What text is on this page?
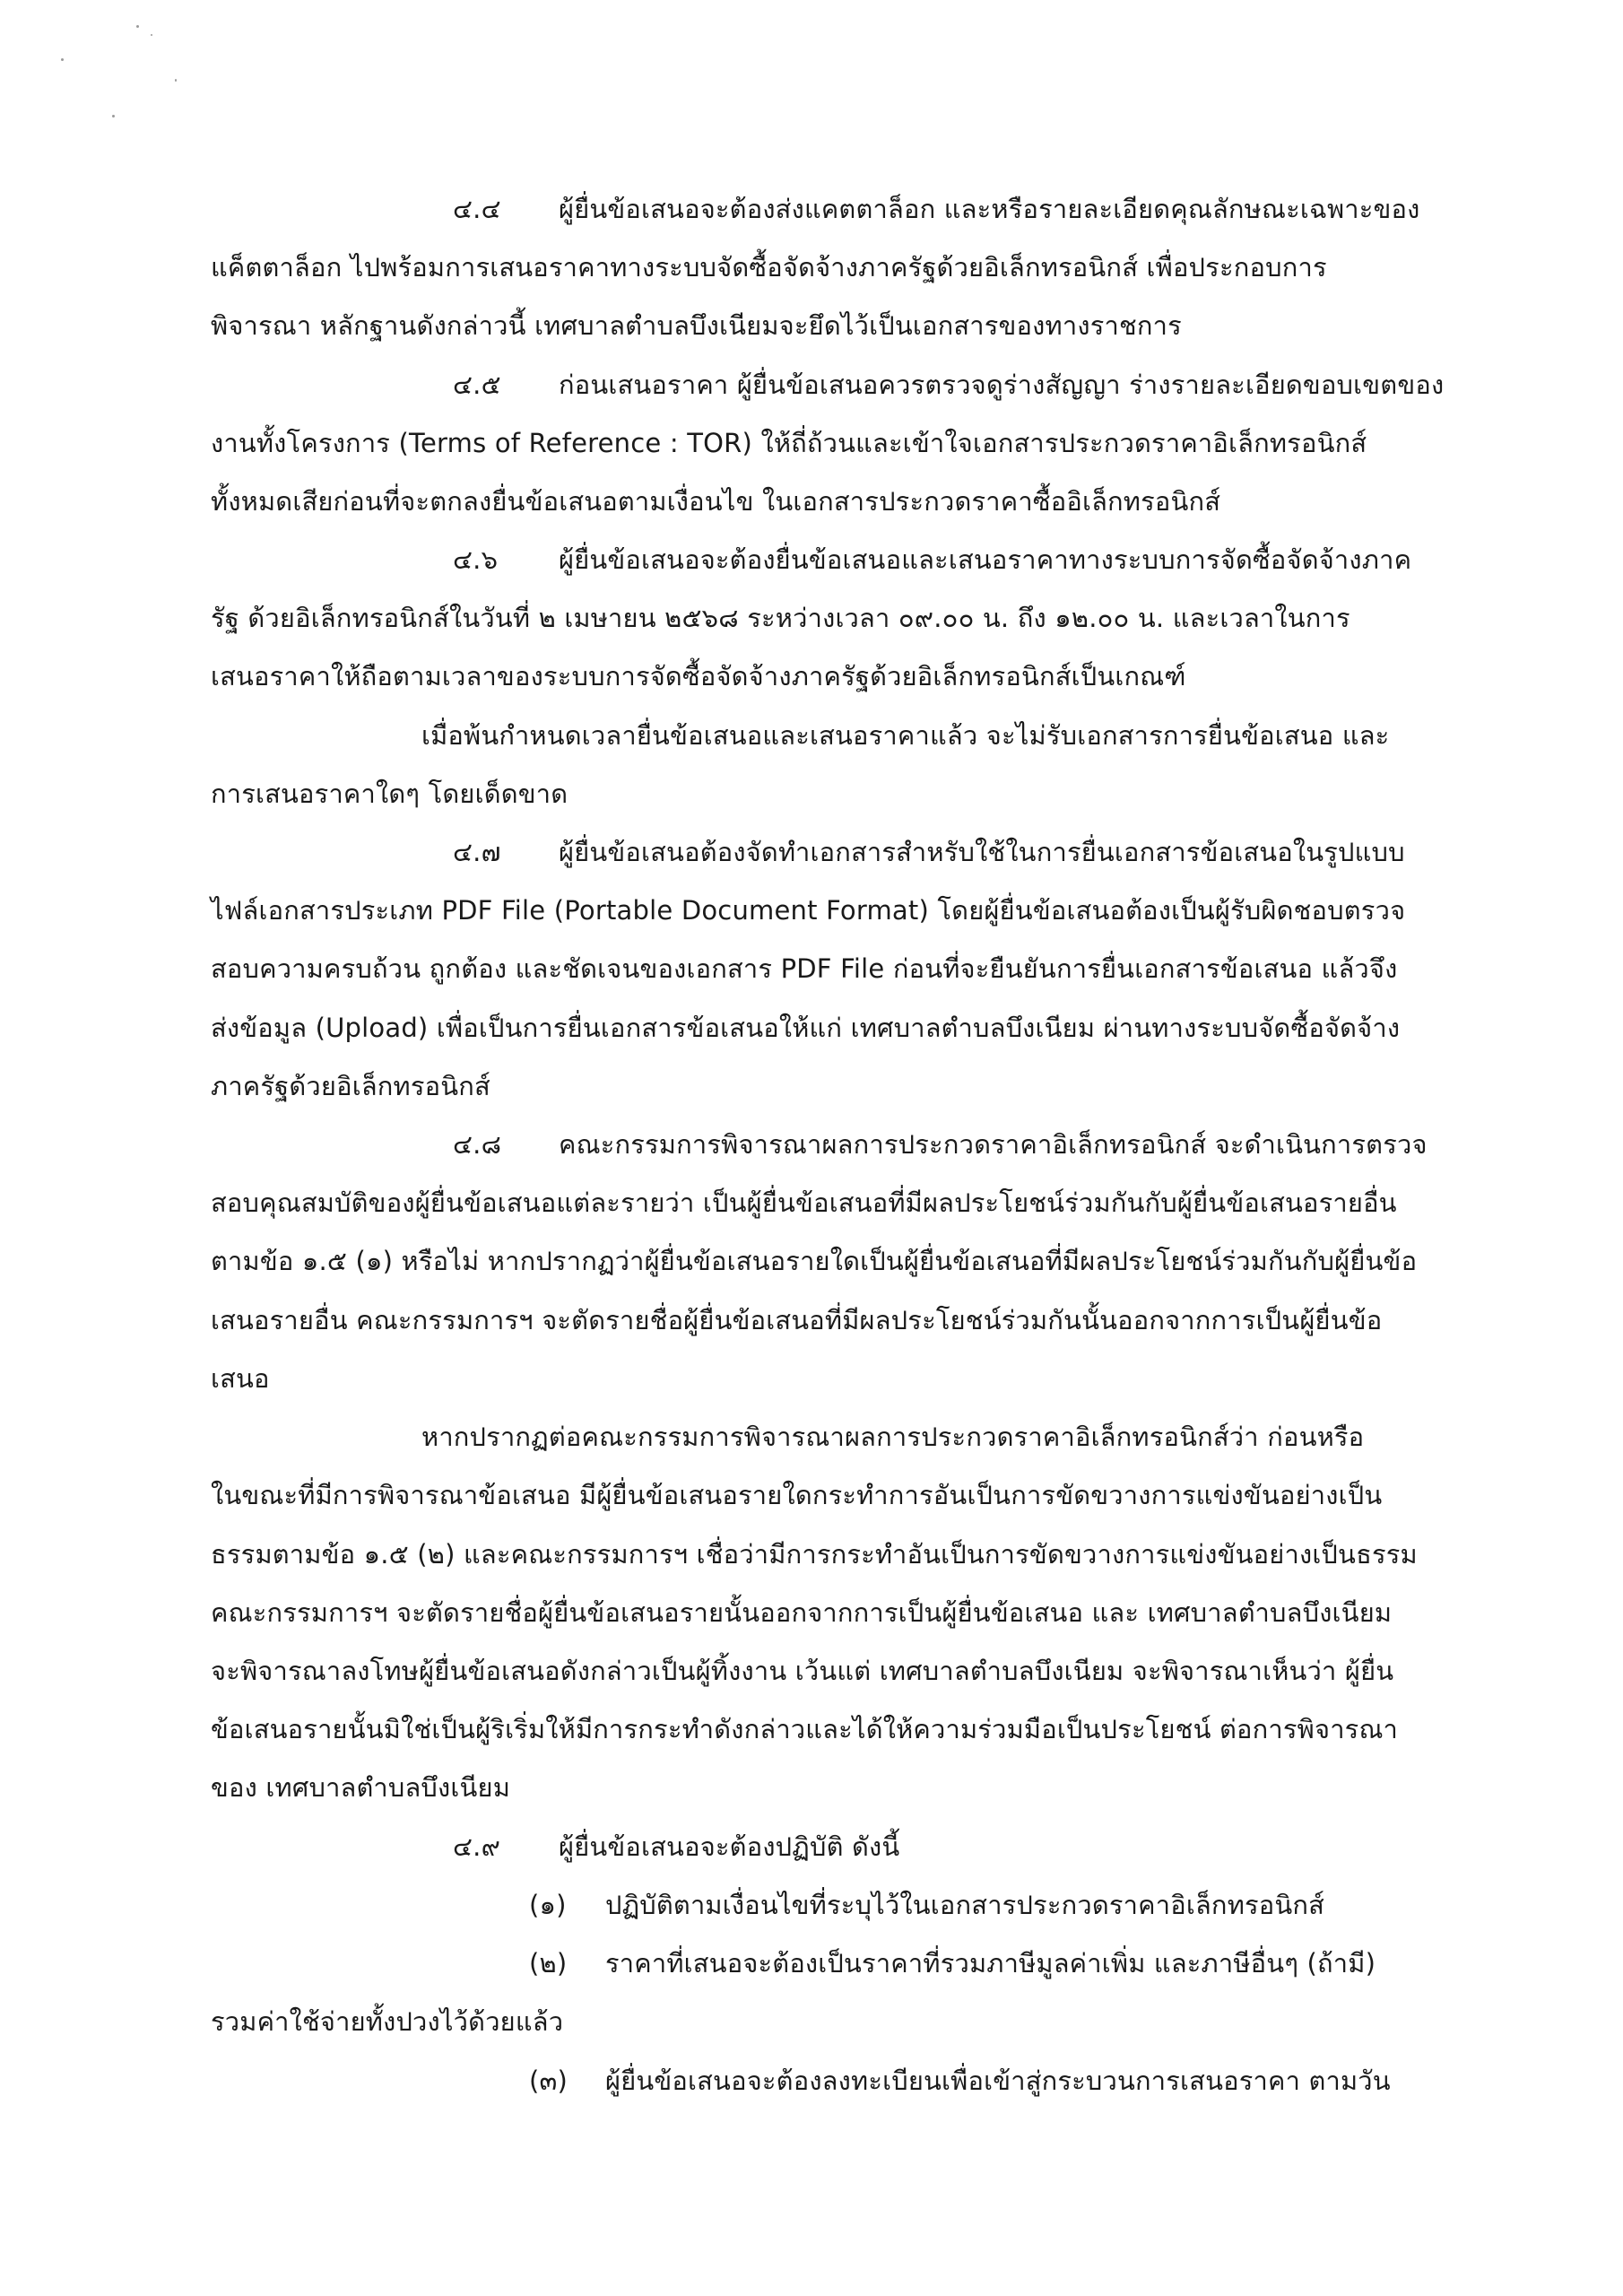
๔.๔ ผู้ยื่นข้อเสนอจะต้องส่งแคตตาล็อก และหรือรายละเอียดคุณลักษณะเฉพาะของ
แค็ตตาล็อก ไปพร้อมการเสนอราคาทางระบบจัดซื้อจัดจ้างภาครัฐด้วยอิเล็กทรอนิกส์ เพื่อประกอบการ
พิจารณา หลักฐานดังกล่าวนี้ เทศบาลตำบลบึงเนียมจะยึดไว้เป็นเอกสารของทางราชการ
๔.๕ ก่อนเสนอราคา ผู้ยื่นข้อเสนอควรตรวจดูร่างสัญญา ร่างรายละเอียดขอบเขตของ
งานทั้งโครงการ (Terms of Reference : TOR) ให้ถี่ถ้วนและเข้าใจเอกสารประกวดราคาอิเล็กทรอนิกส์
ทั้งหมดเสียก่อนที่จะตกลงยื่นข้อเสนอตามเงื่อนไข ในเอกสารประกวดราคาซื้ออิเล็กทรอนิกส์
๔.๖ ผู้ยื่นข้อเสนอจะต้องยื่นข้อเสนอและเสนอราคาทางระบบการจัดซื้อจัดจ้างภาค
รัฐ ด้วยอิเล็กทรอนิกส์ในวันที่ ๒ เมษายน ๒๕๖๘ ระหว่างเวลา ๐๙.๐๐ น. ถึง ๑๒.๐๐ น. และเวลาในการ
เสนอราคาให้ถือตามเวลาของระบบการจัดซื้อจัดจ้างภาครัฐด้วยอิเล็กทรอนิกส์เป็นเกณฑ์
เมื่อพ้นกำหนดเวลายื่นข้อเสนอและเสนอราคาแล้ว จะไม่รับเอกสารการยื่นข้อเสนอ และ
การเสนอราคาใดๆ โดยเด็ดขาด
๔.๗ ผู้ยื่นข้อเสนอต้องจัดทำเอกสารสำหรับใช้ในการยื่นเอกสารข้อเสนอในรูปแบบ
ไฟล์เอกสารประเภท PDF File (Portable Document Format) โดยผู้ยื่นข้อเสนอต้องเป็นผู้รับผิดชอบตรวจ
สอบความครบถ้วน ถูกต้อง และชัดเจนของเอกสาร PDF File ก่อนที่จะยืนยันการยื่นเอกสารข้อเสนอ แล้วจึง
ส่งข้อมูล (Upload) เพื่อเป็นการยื่นเอกสารข้อเสนอให้แก่ เทศบาลตำบลบึงเนียม ผ่านทางระบบจัดซื้อจัดจ้าง
ภาครัฐด้วยอิเล็กทรอนิกส์
๔.๘ คณะกรรมการพิจารณาผลการประกวดราคาอิเล็กทรอนิกส์ จะดำเนินการตรวจ
สอบคุณสมบัติของผู้ยื่นข้อเสนอแต่ละรายว่า เป็นผู้ยื่นข้อเสนอที่มีผลประโยชน์ร่วมกันกับผู้ยื่นข้อเสนอรายอื่น
ตามข้อ ๑.๕ (๑) หรือไม่ หากปรากฏว่าผู้ยื่นข้อเสนอรายใดเป็นผู้ยื่นข้อเสนอที่มีผลประโยชน์ร่วมกันกับผู้ยื่นข้อ
เสนอรายอื่น คณะกรรมการฯ จะตัดรายชื่อผู้ยื่นข้อเสนอที่มีผลประโยชน์ร่วมกันนั้นออกจากการเป็นผู้ยื่นข้อ
เสนอ
หากปรากฏต่อคณะกรรมการพิจารณาผลการประกวดราคาอิเล็กทรอนิกส์ว่า ก่อนหรือ
ในขณะที่มีการพิจารณาข้อเสนอ มีผู้ยื่นข้อเสนอรายใดกระทำการอันเป็นการขัดขวางการแข่งขันอย่างเป็น
ธรรมตามข้อ ๑.๕ (๒) และคณะกรรมการฯ เชื่อว่ามีการกระทำอันเป็นการขัดขวางการแข่งขันอย่างเป็นธรรม
คณะกรรมการฯ จะตัดรายชื่อผู้ยื่นข้อเสนอรายนั้นออกจากการเป็นผู้ยื่นข้อเสนอ และ เทศบาลตำบลบึงเนียม
จะพิจารณาลงโทษผู้ยื่นข้อเสนอดังกล่าวเป็นผู้ทิ้งงาน เว้นแต่ เทศบาลตำบลบึงเนียม จะพิจารณาเห็นว่า ผู้ยื่น
ข้อเสนอรายนั้นมิใช่เป็นผู้ริเริ่มให้มีการกระทำดังกล่าวและได้ให้ความร่วมมือเป็นประโยชน์ ต่อการพิจารณา
ของ เทศบาลตำบลบึงเนียม
๔.๙ ผู้ยื่นข้อเสนอจะต้องปฏิบัติ ดังนี้
(๑) ปฏิบัติตามเงื่อนไขที่ระบุไว้ในเอกสารประกวดราคาอิเล็กทรอนิกส์
(๒) ราคาที่เสนอจะต้องเป็นราคาที่รวมภาษีมูลค่าเพิ่ม และภาษีอื่นๆ (ถ้ามี)
รวมค่าใช้จ่ายทั้งปวงไว้ด้วยแล้ว
(๓) ผู้ยื่นข้อเสนอจะต้องลงทะเบียนเพื่อเข้าสู่กระบวนการเสนอราคา ตามวัน
